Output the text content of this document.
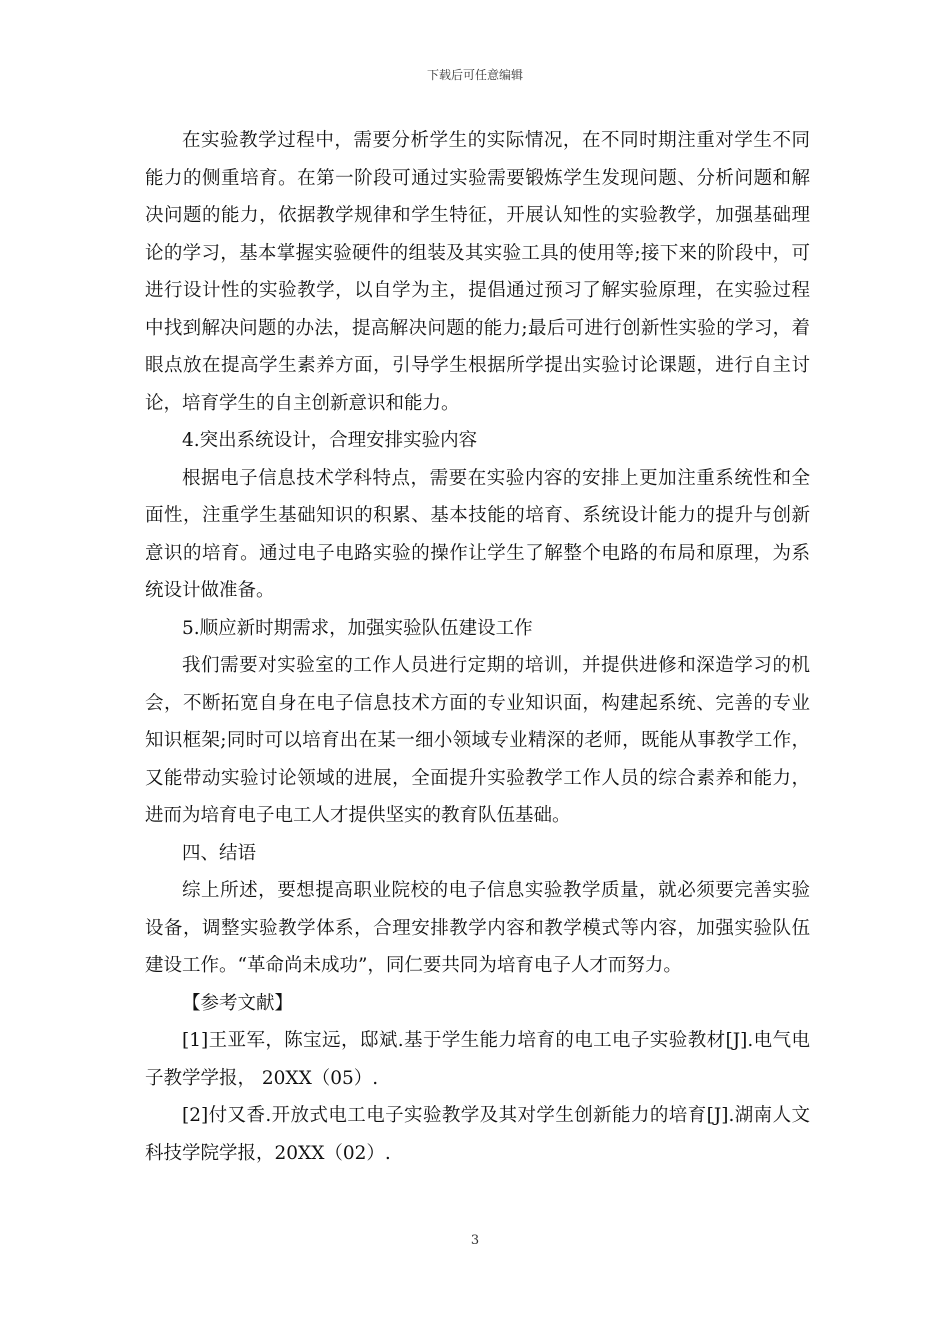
下载后可任意编辑

在实验教学过程中，需要分析学生的实际情况，在不同时期注重对学生不同能力的侧重培育。在第一阶段可通过实验需要锻炼学生发现问题、分析问题和解决问题的能力，依据教学规律和学生特征，开展认知性的实验教学，加强基础理论的学习，基本掌握实验硬件的组装及其实验工具的使用等;接下来的阶段中，可进行设计性的实验教学，以自学为主，提倡通过预习了解实验原理，在实验过程中找到解决问题的办法，提高解决问题的能力;最后可进行创新性实验的学习，着眼点放在提高学生素养方面，引导学生根据所学提出实验讨论课题，进行自主讨论，培育学生的自主创新意识和能力。

4.突出系统设计，合理安排实验内容

根据电子信息技术学科特点，需要在实验内容的安排上更加注重系统性和全面性，注重学生基础知识的积累、基本技能的培育、系统设计能力的提升与创新意识的培育。通过电子电路实验的操作让学生了解整个电路的布局和原理，为系统设计做准备。

5.顺应新时期需求，加强实验队伍建设工作

我们需要对实验室的工作人员进行定期的培训，并提供进修和深造学习的机会，不断拓宽自身在电子信息技术方面的专业知识面，构建起系统、完善的专业知识框架;同时可以培育出在某一细小领域专业精深的老师，既能从事教学工作，又能带动实验讨论领域的进展，全面提升实验教学工作人员的综合素养和能力，进而为培育电子电工人才提供坚实的教育队伍基础。

四、结语

综上所述，要想提高职业院校的电子信息实验教学质量，就必须要完善实验设备，调整实验教学体系，合理安排教学内容和教学模式等内容，加强实验队伍建设工作。“革命尚未成功”，同仁要共同为培育电子人才而努力。

【参考文献】

[1]王亚军，陈宝远，邸斌.基于学生能力培育的电工电子实验教材[J].电气电子教学学报， 20XX（05）.

[2]付又香.开放式电工电子实验教学及其对学生创新能力的培育[J].湖南人文科技学院学报，20XX（02）.

3
